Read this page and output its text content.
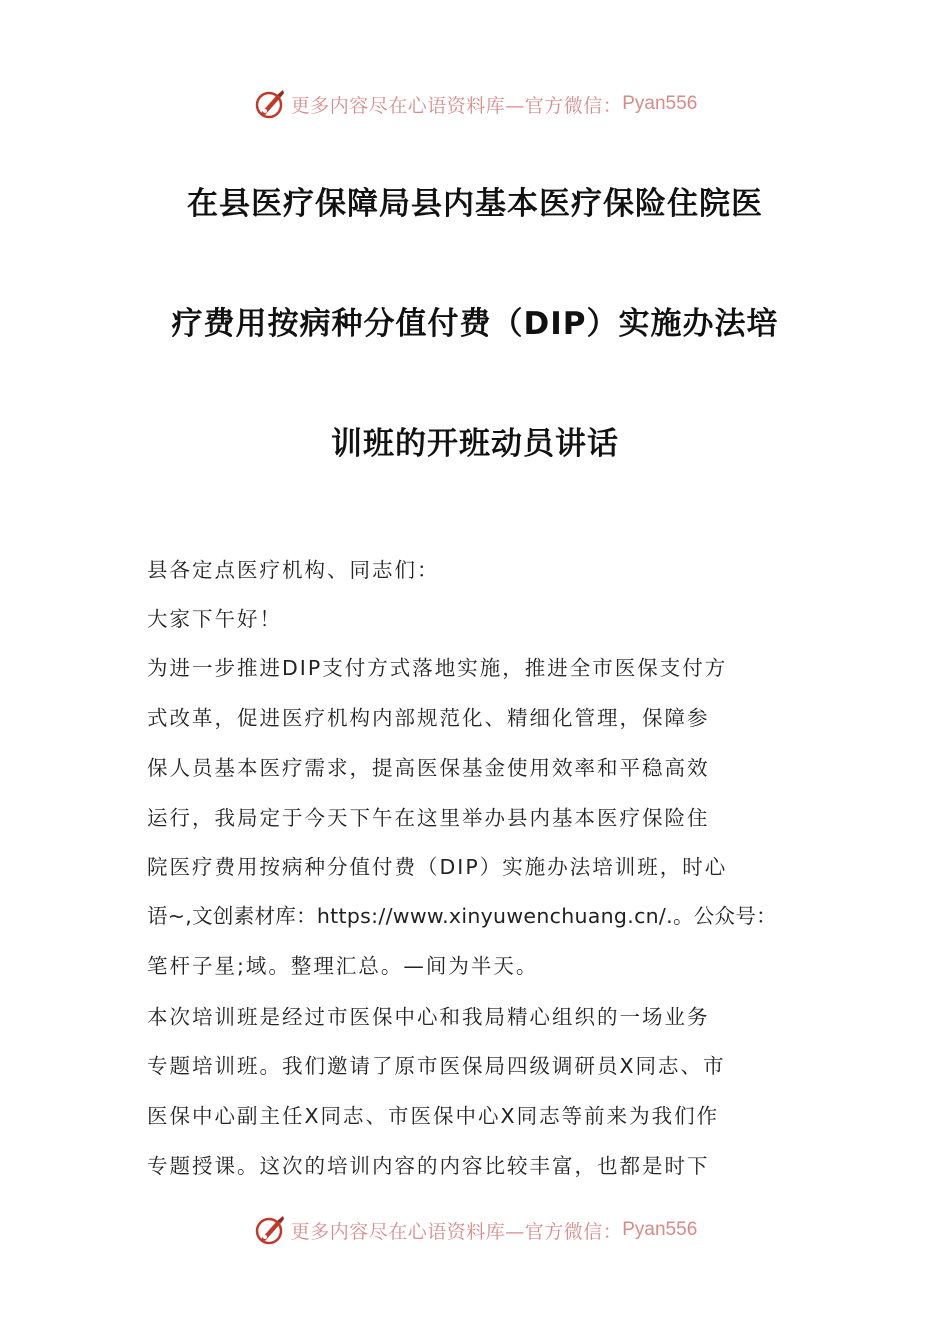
更多内容尽在心语资料库—官方微信： Pyan556
在县医疗保障局县内基本医疗保险住院医
疗费用按病种分值付费（DIP）实施办法培
训班的开班动员讲话
县各定点医疗机构、同志们：
大家下午好！
为进一步推进DIP支付方式落地实施，推进全市医保支付方
式改革，促进医疗机构内部规范化、精细化管理，保障参
保人员基本医疗需求，提高医保基金使用效率和平稳高效
运行，我局定于今天下午在这里举办县内基本医疗保险住
院医疗费用按病种分值付费（DIP）实施办法培训班，时心
语~,文创素材库：https://www.xinyuwenchuang.cn/.。公众号：
笔杆子星;域。整理汇总。—间为半天。
本次培训班是经过市医保中心和我局精心组织的一场业务
专题培训班。我们邀请了原市医保局四级调研员X同志、市
医保中心副主任X同志、市医保中心X同志等前来为我们作
专题授课。这次的培训内容的内容比较丰富，也都是时下
更多内容尽在心语资料库—官方微信： Pyan556
